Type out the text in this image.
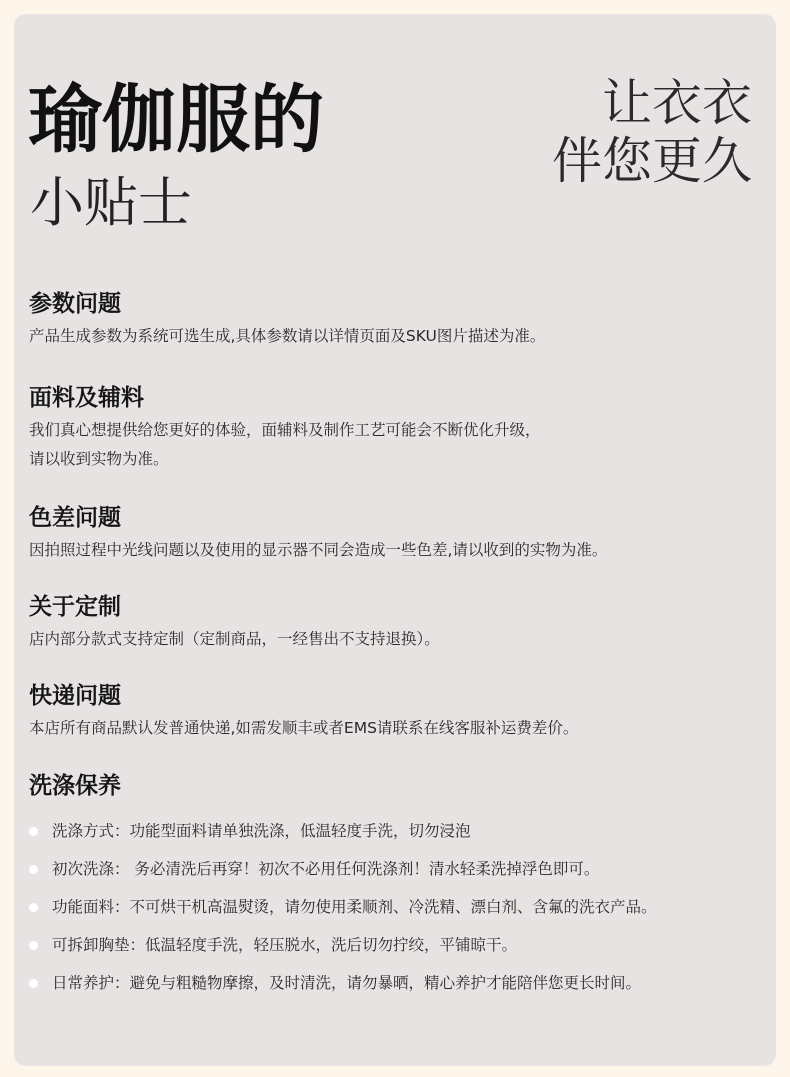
瑜伽服的
小贴士
让衣衣
伴您更久
参数问题
产品生成参数为系统可选生成,具体参数请以详情页面及SKU图片描述为准。
面料及辅料
我们真心想提供给您更好的体验，面辅料及制作工艺可能会不断优化升级，
请以收到实物为准。
色差问题
因拍照过程中光线问题以及使用的显示器不同会造成一些色差,请以收到的实物为准。
关于定制
店内部分款式支持定制（定制商品，一经售出不支持退换）。
快递问题
本店所有商品默认发普通快递,如需发顺丰或者EMS请联系在线客服补运费差价。
洗涤保养
洗涤方式：功能型面料请单独洗涤，低温轻度手洗，切勿浸泡
初次洗涤： 务必清洗后再穿！初次不必用任何洗涤剂！清水轻柔洗掉浮色即可。
功能面料：不可烘干机高温熨烫，请勿使用柔顺剂、冷洗精、漂白剂、含氟的洗衣产品。
可拆卸胸垫：低温轻度手洗，轻压脱水，洗后切勿拧绞，平铺晾干。
日常养护：避免与粗糙物摩擦，及时清洗，请勿暴晒，精心养护才能陪伴您更长时间。
